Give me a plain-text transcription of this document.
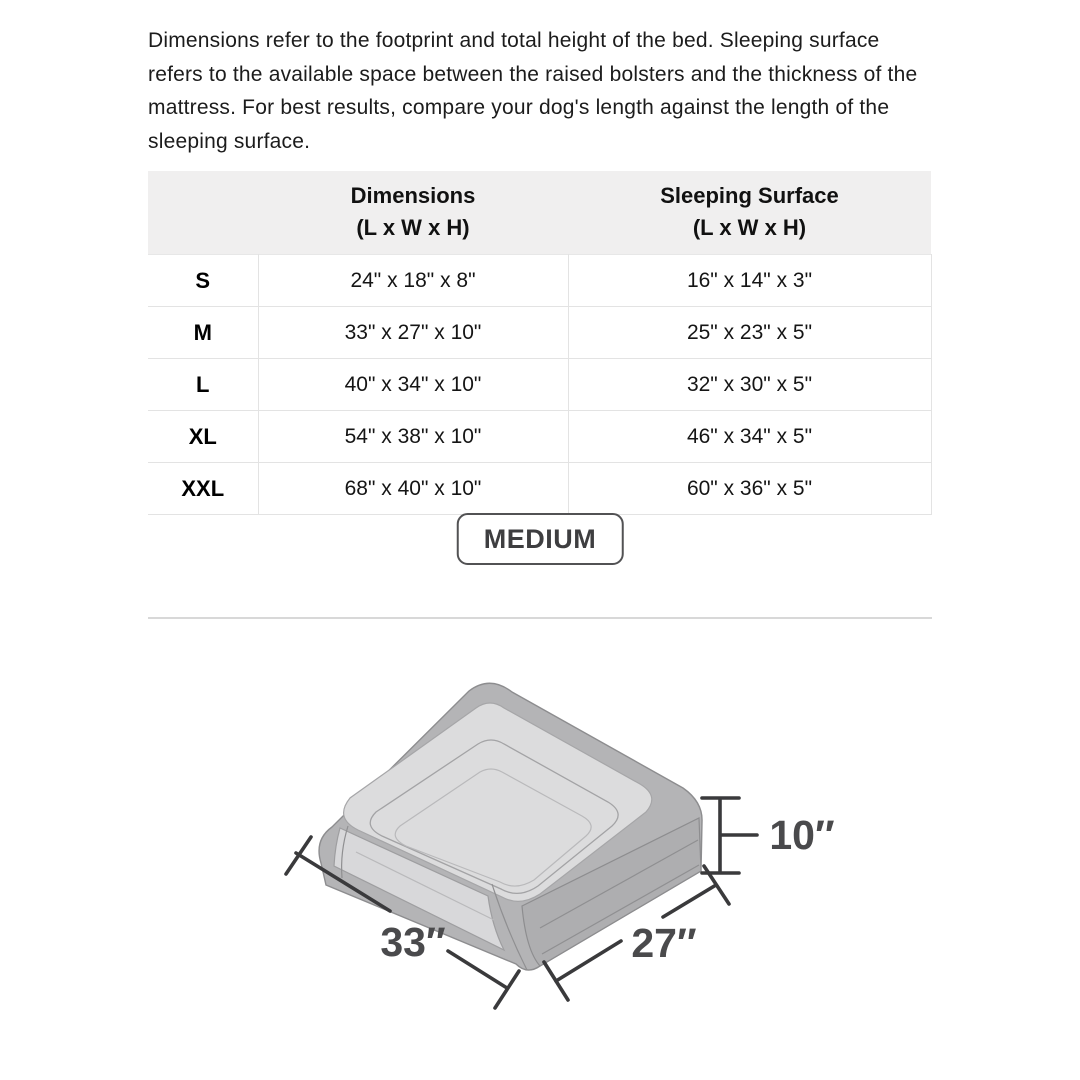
Dimensions refer to the footprint and total height of the bed. Sleeping surface refers to the available space between the raised bolsters and the thickness of the mattress. For best results, compare your dog's length against the length of the sleeping surface.

	Dimensions
(L x W x H)	Sleeping Surface
(L x W x H)

S	24" x 18" x 8"	16" x 14" x 3"
M	33" x 27" x 10"	25" x 23" x 5"
L	40" x 34" x 10"	32" x 30" x 5"
XL	54" x 38" x 10"	46" x 34" x 5"
XXL	68" x 40" x 10"	60" x 36" x 5"
MEDIUM
33″	27″
10″
